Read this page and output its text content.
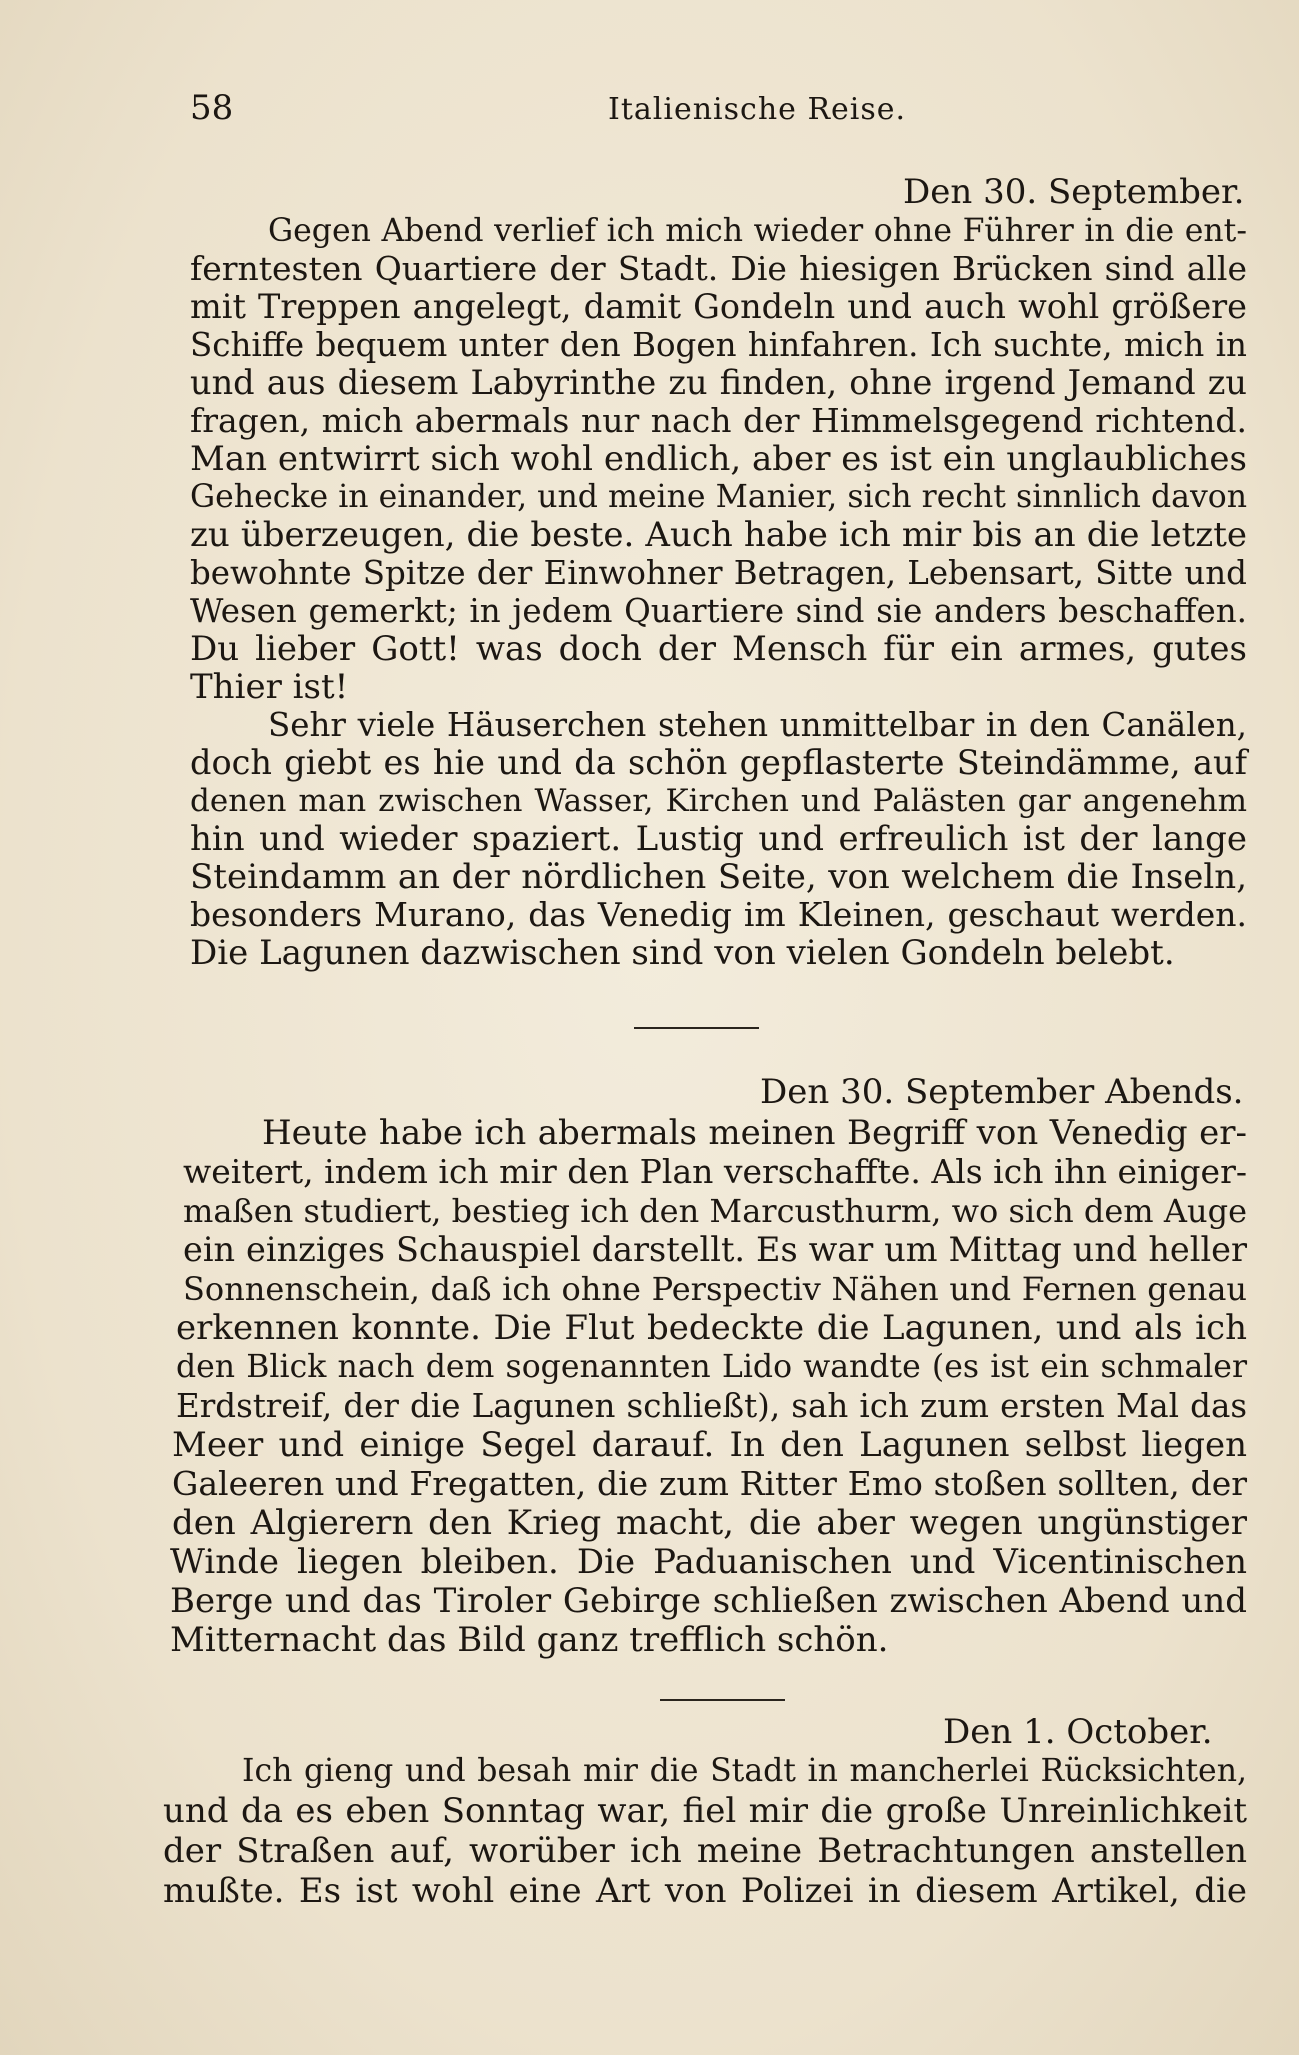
58	Italienische Reise.
Den 30. September.
Gegen Abend verlief ich mich wieder ohne Führer in die ent-
ferntesten Quartiere der Stadt. Die hiesigen Brücken sind alle
mit Treppen angelegt, damit Gondeln und auch wohl größere
Schiffe bequem unter den Bogen hinfahren. Ich suchte, mich in
und aus diesem Labyrinthe zu finden, ohne irgend Jemand zu
fragen, mich abermals nur nach der Himmelsgegend richtend.
Man entwirrt sich wohl endlich, aber es ist ein unglaubliches
Gehecke in einander, und meine Manier, sich recht sinnlich davon
zu überzeugen, die beste. Auch habe ich mir bis an die letzte
bewohnte Spitze der Einwohner Betragen, Lebensart, Sitte und
Wesen gemerkt; in jedem Quartiere sind sie anders beschaffen.
Du lieber Gott! was doch der Mensch für ein armes, gutes
Thier ist!
Sehr viele Häuserchen stehen unmittelbar in den Canälen,
doch giebt es hie und da schön gepflasterte Steindämme, auf
denen man zwischen Wasser, Kirchen und Palästen gar angenehm
hin und wieder spaziert. Lustig und erfreulich ist der lange
Steindamm an der nördlichen Seite, von welchem die Inseln,
besonders Murano, das Venedig im Kleinen, geschaut werden.
Die Lagunen dazwischen sind von vielen Gondeln belebt.
Den 30. September Abends.
Heute habe ich abermals meinen Begriff von Venedig er-
weitert, indem ich mir den Plan verschaffte. Als ich ihn einiger-
maßen studiert, bestieg ich den Marcusthurm, wo sich dem Auge
ein einziges Schauspiel darstellt. Es war um Mittag und heller
Sonnenschein, daß ich ohne Perspectiv Nähen und Fernen genau
erkennen konnte. Die Flut bedeckte die Lagunen, und als ich
den Blick nach dem sogenannten Lido wandte (es ist ein schmaler
Erdstreif, der die Lagunen schließt), sah ich zum ersten Mal das
Meer und einige Segel darauf. In den Lagunen selbst liegen
Galeeren und Fregatten, die zum Ritter Emo stoßen sollten, der
den Algierern den Krieg macht, die aber wegen ungünstiger
Winde liegen bleiben. Die Paduanischen und Vicentinischen
Berge und das Tiroler Gebirge schließen zwischen Abend und
Mitternacht das Bild ganz trefflich schön.
Den 1. October.
Ich gieng und besah mir die Stadt in mancherlei Rücksichten,
und da es eben Sonntag war, fiel mir die große Unreinlichkeit
der Straßen auf, worüber ich meine Betrachtungen anstellen
mußte. Es ist wohl eine Art von Polizei in diesem Artikel, die
